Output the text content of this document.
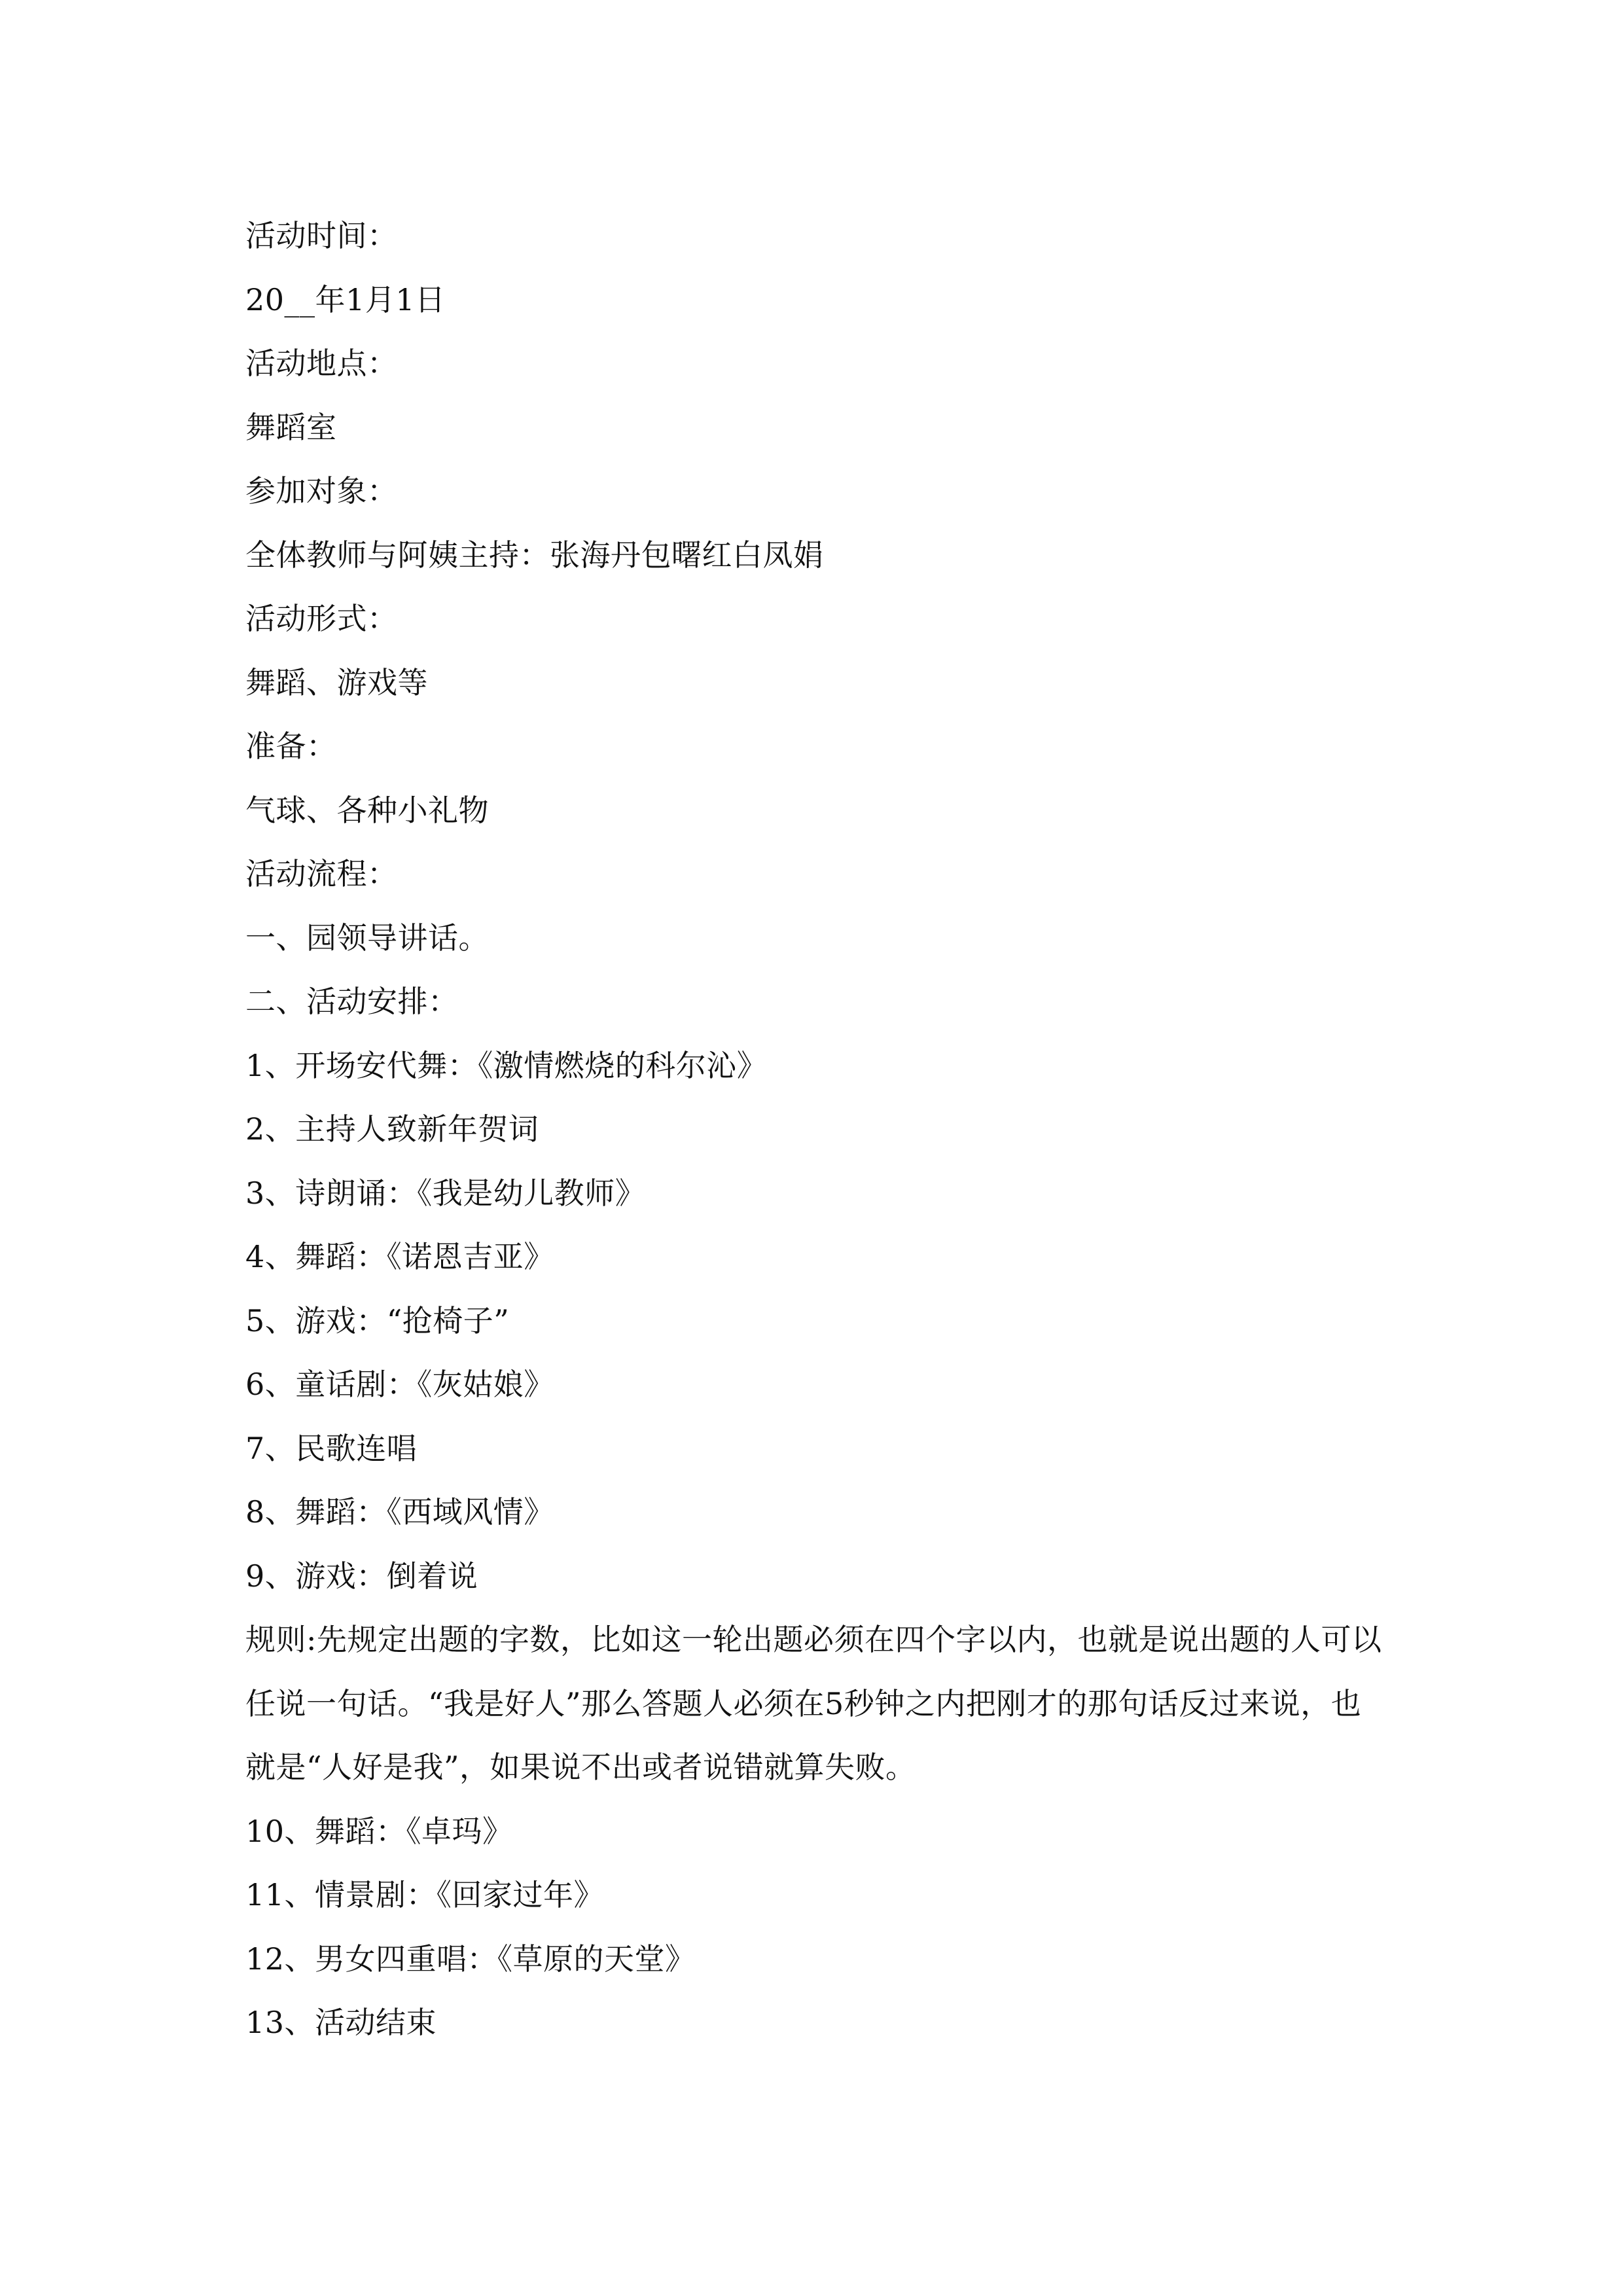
活动时间：
20__年1月1日
活动地点：
舞蹈室
参加对象：
全体教师与阿姨主持：张海丹包曙红白凤娟
活动形式：
舞蹈、游戏等
准备：
气球、各种小礼物
活动流程：
一、园领导讲话。
二、活动安排：
1、开场安代舞：《激情燃烧的科尔沁》
2、主持人致新年贺词
3、诗朗诵：《我是幼儿教师》
4、舞蹈：《诺恩吉亚》
5、游戏：“抢椅子”
6、童话剧：《灰姑娘》
7、民歌连唱
8、舞蹈：《西域风情》
9、游戏：倒着说
规则:先规定出题的字数，比如这一轮出题必须在四个字以内，也就是说出题的人可以任说一句话。“我是好人”那么答题人必须在5秒钟之内把刚才的那句话反过来说，也就是“人好是我”，如果说不出或者说错就算失败。
10、舞蹈：《卓玛》
11、情景剧：《回家过年》
12、男女四重唱：《草原的天堂》
13、活动结束
